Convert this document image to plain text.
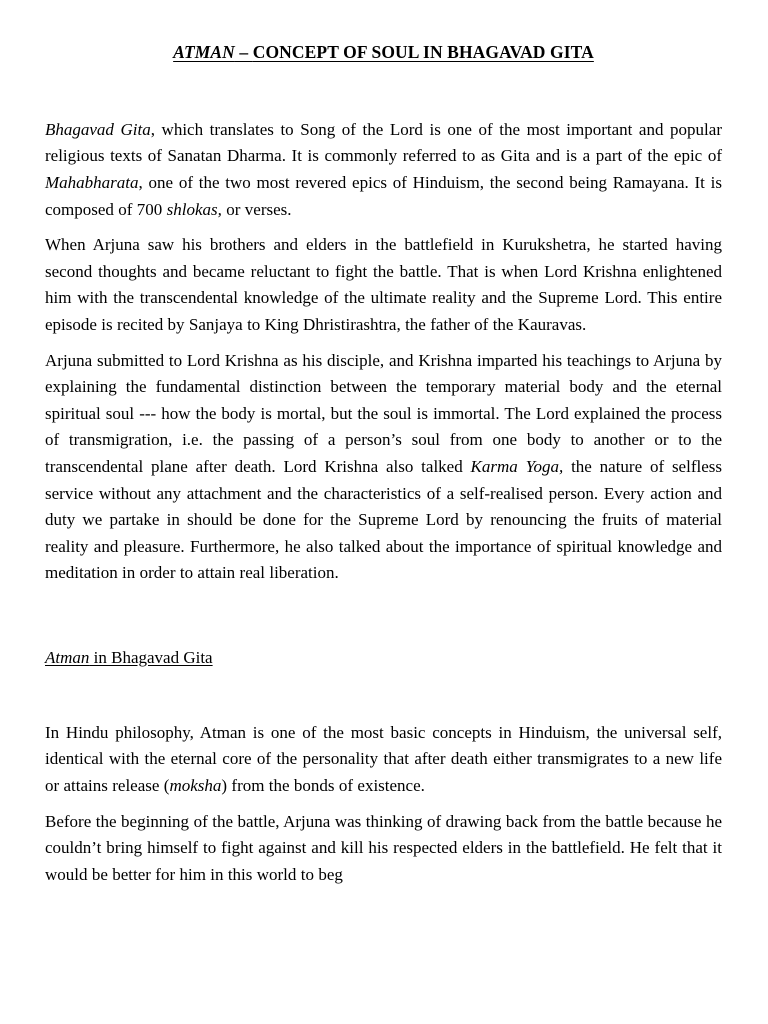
ATMAN – CONCEPT OF SOUL IN BHAGAVAD GITA

Bhagavad Gita, which translates to Song of the Lord is one of the most important and popular religious texts of Sanatan Dharma. It is commonly referred to as Gita and is a part of the epic of Mahabharata, one of the two most revered epics of Hinduism, the second being Ramayana. It is composed of 700 shlokas, or verses.

When Arjuna saw his brothers and elders in the battlefield in Kurukshetra, he started having second thoughts and became reluctant to fight the battle. That is when Lord Krishna enlightened him with the transcendental knowledge of the ultimate reality and the Supreme Lord. This entire episode is recited by Sanjaya to King Dhristirashtra, the father of the Kauravas.

Arjuna submitted to Lord Krishna as his disciple, and Krishna imparted his teachings to Arjuna by explaining the fundamental distinction between the temporary material body and the eternal spiritual soul --- how the body is mortal, but the soul is immortal. The Lord explained the process of transmigration, i.e. the passing of a person’s soul from one body to another or to the transcendental plane after death. Lord Krishna also talked Karma Yoga, the nature of selfless service without any attachment and the characteristics of a self-realised person. Every action and duty we partake in should be done for the Supreme Lord by renouncing the fruits of material reality and pleasure. Furthermore, he also talked about the importance of spiritual knowledge and meditation in order to attain real liberation.

Atman in Bhagavad Gita

In Hindu philosophy, Atman is one of the most basic concepts in Hinduism, the universal self, identical with the eternal core of the personality that after death either transmigrates to a new life or attains release (moksha) from the bonds of existence.

Before the beginning of the battle, Arjuna was thinking of drawing back from the battle because he couldn’t bring himself to fight against and kill his respected elders in the battlefield. He felt that it would be better for him in this world to beg
